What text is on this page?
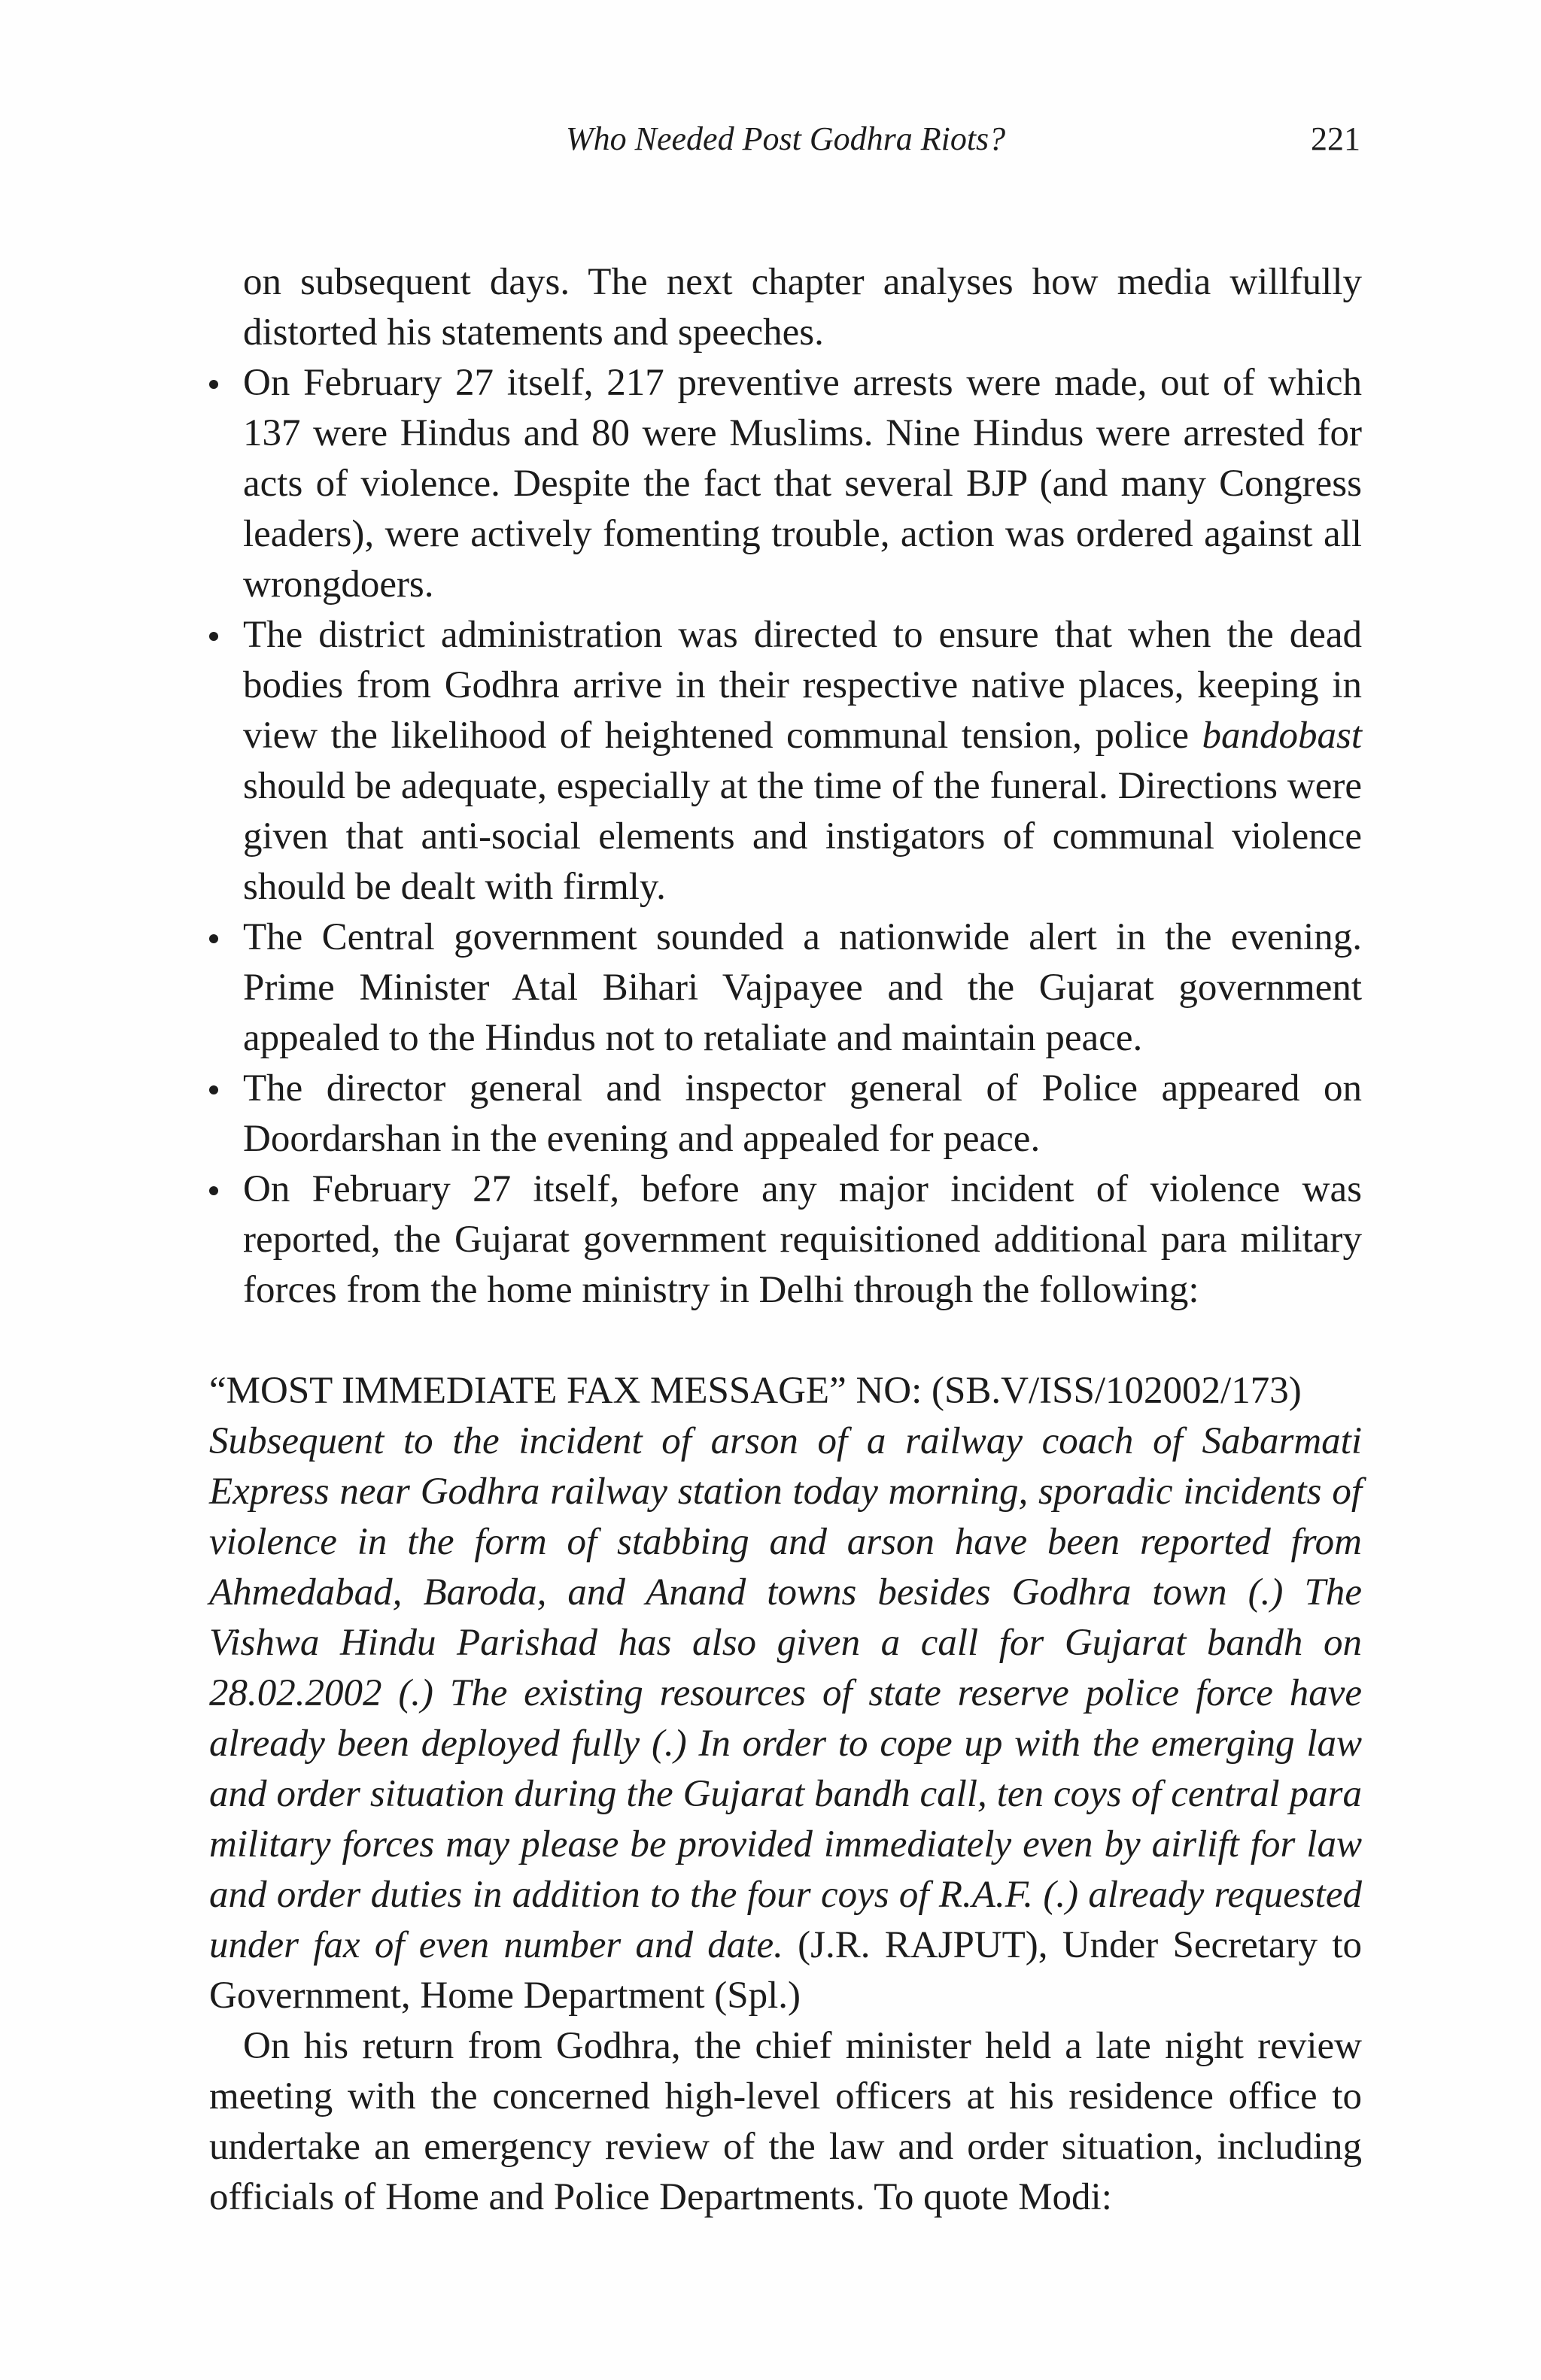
Who Needed Post Godhra Riots?	221

on subsequent days. The next chapter analyses how media willfully distorted his statements and speeches.

On February 27 itself, 217 preventive arrests were made, out of which 137 were Hindus and 80 were Muslims. Nine Hindus were arrested for acts of violence. Despite the fact that several BJP (and many Congress leaders), were actively fomenting trouble, action was ordered against all wrongdoers.
The district administration was directed to ensure that when the dead bodies from Godhra arrive in their respective native places, keeping in view the likelihood of heightened communal tension, police bandobast should be adequate, especially at the time of the funeral. Directions were given that anti-social elements and instigators of communal violence should be dealt with firmly.
The Central government sounded a nationwide alert in the evening. Prime Minister Atal Bihari Vajpayee and the Gujarat government appealed to the Hindus not to retaliate and maintain peace.
The director general and inspector general of Police appeared on Doordarshan in the evening and appealed for peace.
On February 27 itself, before any major incident of violence was reported, the Gujarat government requisitioned additional para military forces from the home ministry in Delhi through the following:

“MOST IMMEDIATE FAX MESSAGE” NO: (SB.V/ISS/102002/173)

Subsequent to the incident of arson of a railway coach of Sabarmati Express near Godhra railway station today morning, sporadic incidents of violence in the form of stabbing and arson have been reported from Ahmedabad, Baroda, and Anand towns besides Godhra town (.) The Vishwa Hindu Parishad has also given a call for Gujarat bandh on 28.02.2002 (.) The existing resources of state reserve police force have already been deployed fully (.) In order to cope up with the emerging law and order situation during the Gujarat bandh call, ten coys of central para military forces may please be provided immediately even by airlift for law and order duties in addition to the four coys of R.A.F. (.) already requested under fax of even number and date. (J.R. RAJPUT), Under Secretary to Government, Home Department (Spl.)

On his return from Godhra, the chief minister held a late night review meeting with the concerned high-level officers at his residence office to undertake an emergency review of the law and order situation, including officials of Home and Police Departments. To quote Modi:
